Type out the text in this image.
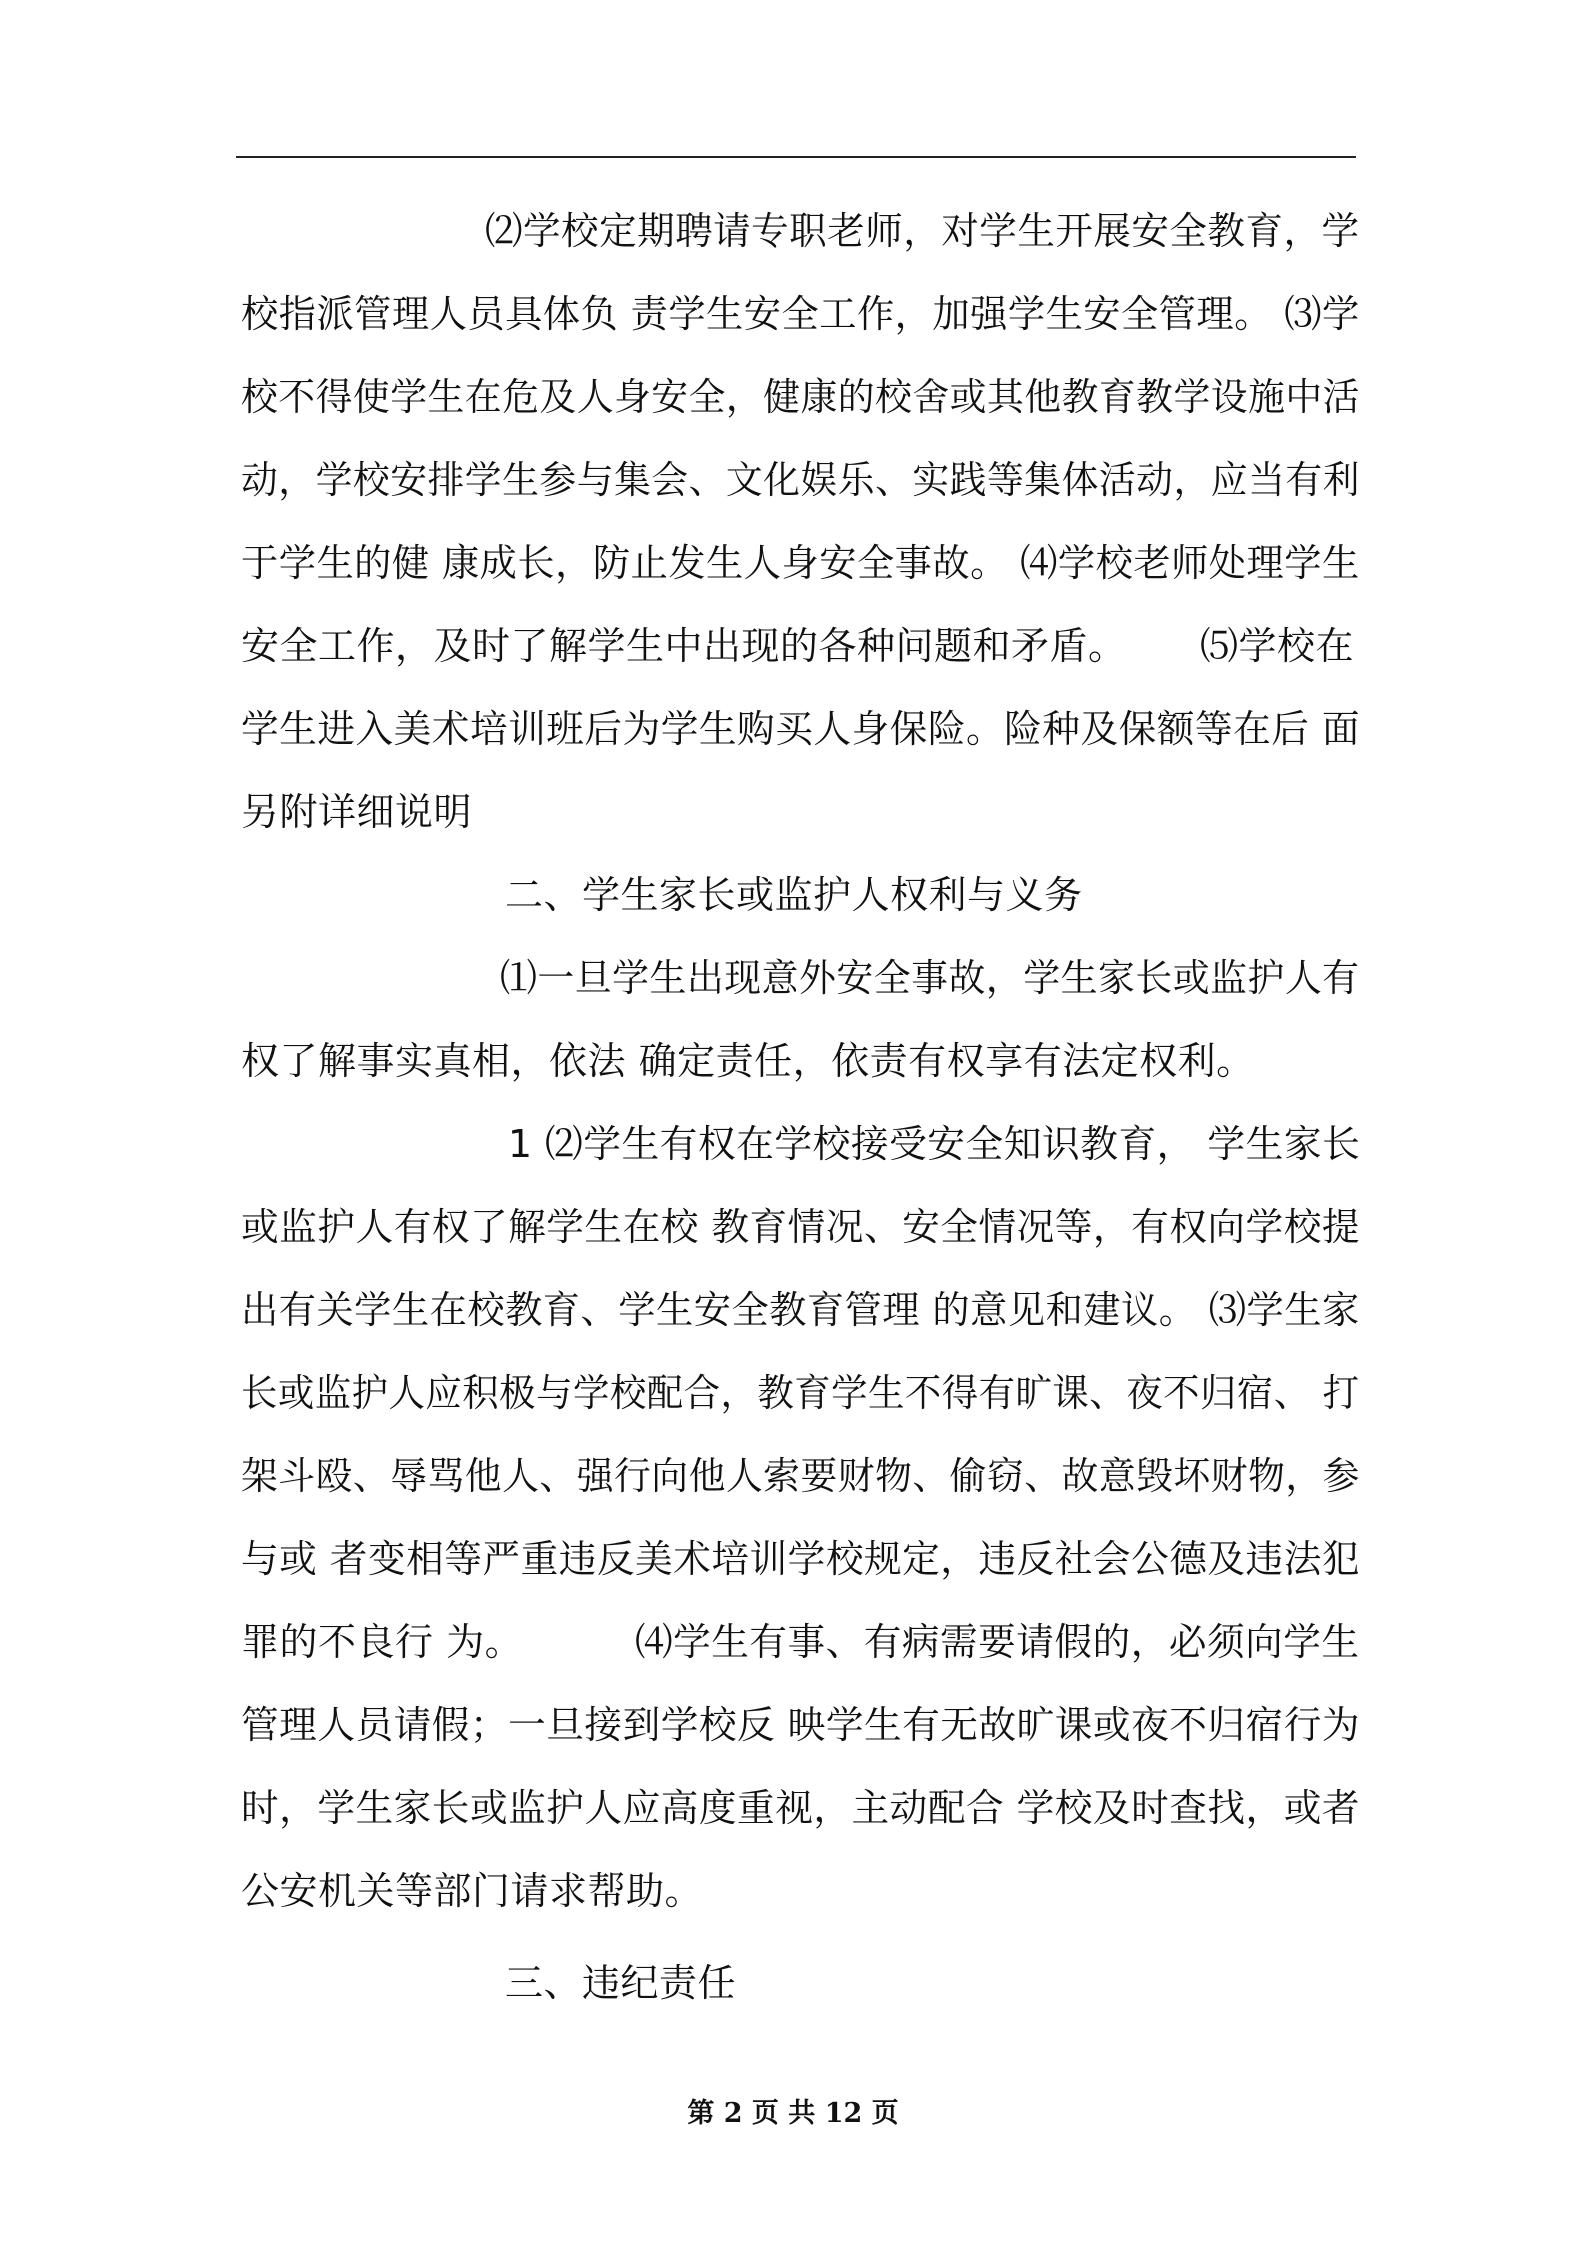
⑵学校定期聘请专职老师，对学生开展安全教育，学
校指派管理人员具体负 责学生安全工作，加强学生安全管理。 ⑶学
校不得使学生在危及人身安全，健康的校舍或其他教育教学设施中活
动，学校安排学生参与集会、文化娱乐、实践等集体活动，应当有利
于学生的健 康成长，防止发生人身安全事故。 ⑷学校老师处理学生
安全工作，及时了解学生中出现的各种问题和矛盾。 ⑸学校在
学生进入美术培训班后为学生购买人身保险。险种及保额等在后 面
另附详细说明
二、学生家长或监护人权利与义务
⑴一旦学生出现意外安全事故，学生家长或监护人有
权了解事实真相，依法 确定责任，依责有权享有法定权利。
1 ⑵学生有权在学校接受安全知识教育， 学生家长
或监护人有权了解学生在校 教育情况、安全情况等，有权向学校提
出有关学生在校教育、学生安全教育管理 的意见和建议。 ⑶学生家
长或监护人应积极与学校配合，教育学生不得有旷课、夜不归宿、 打
架斗殴、辱骂他人、强行向他人索要财物、偷窃、故意毁坏财物，参
与或 者变相等严重违反美术培训学校规定，违反社会公德及违法犯
罪的不良行 为。	⑷学生有事、有病需要请假的，必须向学生
管理人员请假；一旦接到学校反 映学生有无故旷课或夜不归宿行为
时，学生家长或监护人应高度重视，主动配合 学校及时查找，或者
公安机关等部门请求帮助。
三、违纪责任
第 2 页 共 12 页
